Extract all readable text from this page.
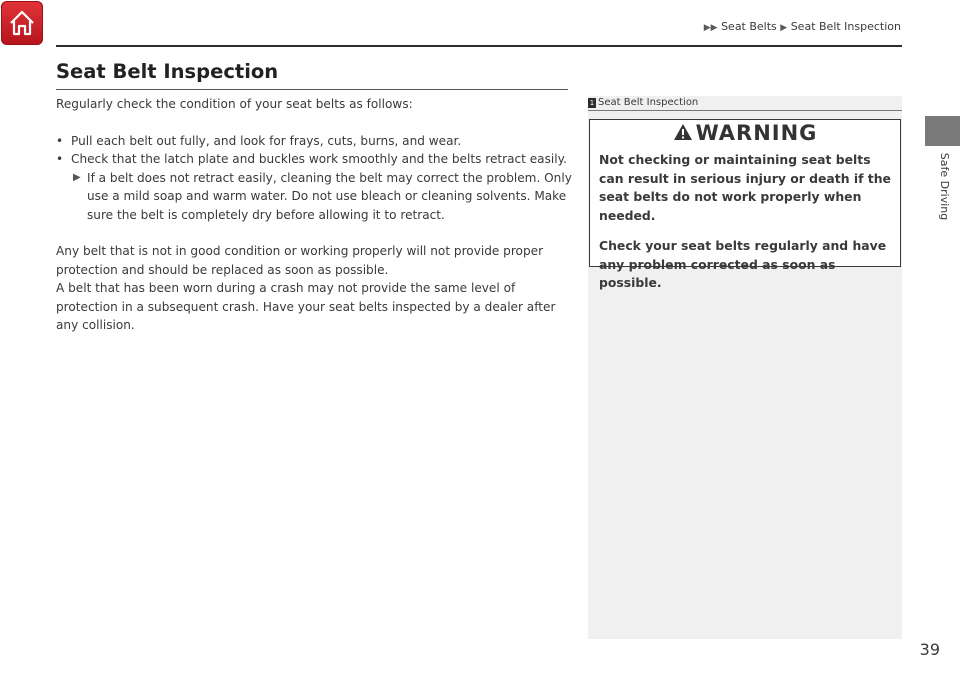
▶▶ Seat Belts ▶ Seat Belt Inspection
Seat Belt Inspection

Regularly check the condition of your seat belts as follows:

• Pull each belt out fully, and look for frays, cuts, burns, and wear.

• Check that the latch plate and buckles work smoothly and the belts retract easily.

▶ If a belt does not retract easily, cleaning the belt may correct the problem. Only use a mild soap and warm water. Do not use bleach or cleaning solvents. Make sure the belt is completely dry before allowing it to retract.

Any belt that is not in good condition or working properly will not provide proper protection and should be replaced as soon as possible.

A belt that has been worn during a crash may not provide the same level of protection in a subsequent crash. Have your seat belts inspected by a dealer after any collision.

1 Seat Belt Inspection
WARNING

Not checking or maintaining seat belts can result in serious injury or death if the seat belts do not work properly when needed.

Check your seat belts regularly and have any problem corrected as soon as possible.

Safe Driving
39
